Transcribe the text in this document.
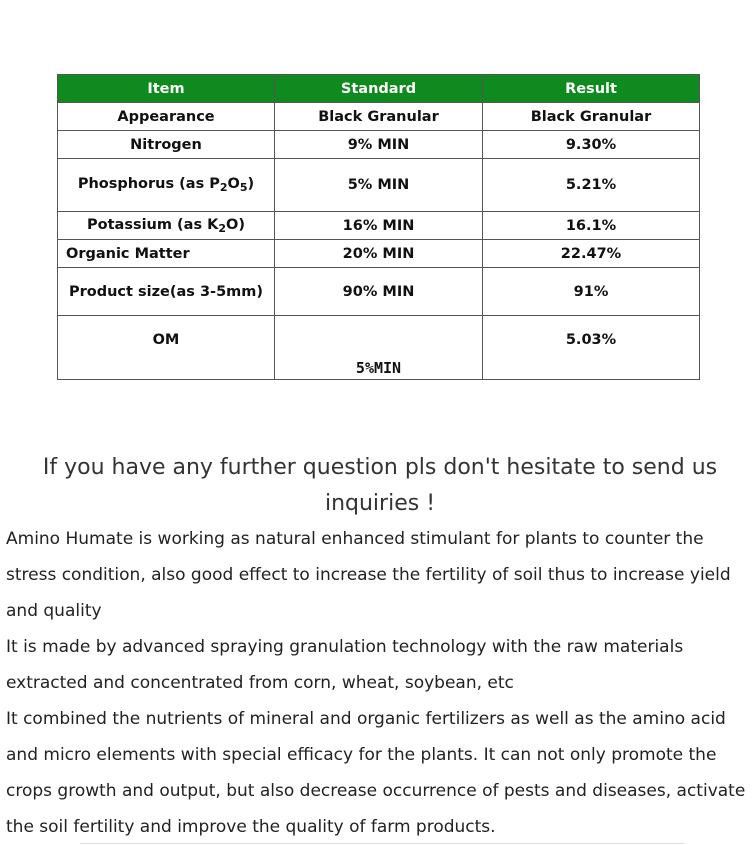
Item	Standard	Result
Appearance	Black Granular	Black Granular
Nitrogen	9% MIN	9.30%
Phosphorus (as $P_2O_5$)	5% MIN	5.21%
Potassium (as $K_2O$)	16% MIN	16.1%
Organic Matter	20% MIN	22.47%
Product size(as 3-5mm)	90% MIN	91%
OM	5%MIN	5.03%
If you have any further question pls don't hesitate to send us inquiries !

Amino Humate is working as natural enhanced stimulant for plants to counter the stress condition, also good effect to increase the fertility of soil thus to increase yield and quality

It is made by advanced spraying granulation technology with the raw materials extracted and concentrated from corn, wheat, soybean, etc

It combined the nutrients of mineral and organic fertilizers as well as the amino acid and micro elements with special efficacy for the plants. It can not only promote the crops growth and output, but also decrease occurrence of pests and diseases, activate the soil fertility and improve the quality of farm products.
